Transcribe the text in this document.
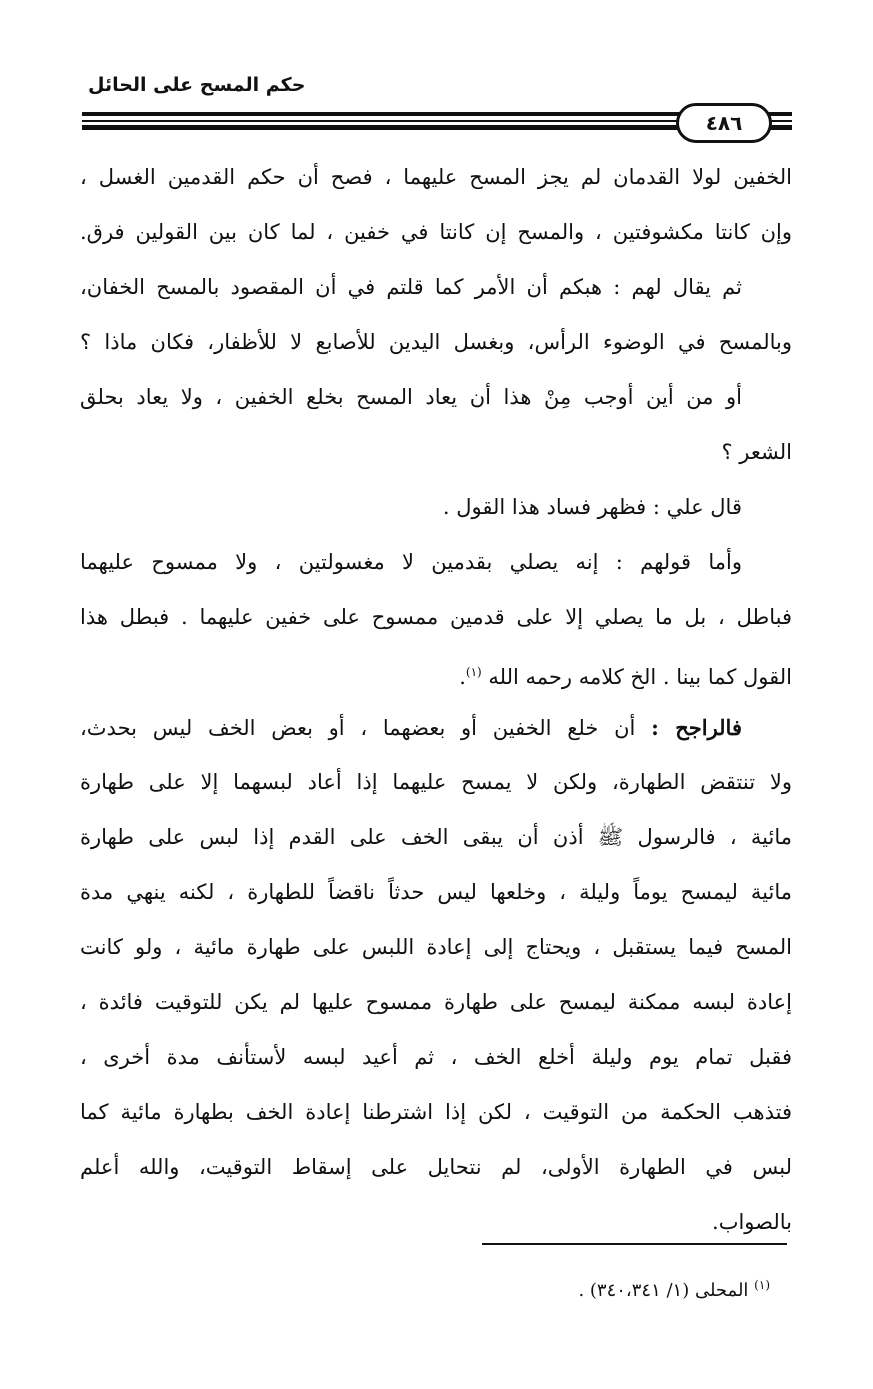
حكم المسح على الحائل
٤٨٦
الخفين لولا القدمان لم يجز المسح عليهما ، فصح أن حكم القدمين الغسل ،
وإن كانتا مكشوفتين ، والمسح إن كانتا في خفين ، لما كان بين القولين فرق.
ثم يقال لهم : هبكم أن الأمر كما قلتم في أن المقصود بالمسح الخفان،
وبالمسح في الوضوء الرأس، وبغسل اليدين للأصابع لا للأظفار، فكان ماذا ؟
أو من أين أوجب مِنْ هذا أن يعاد المسح بخلع الخفين ، ولا يعاد بحلق
الشعر ؟
قال علي : فظهر فساد هذا القول .
وأما قولهم : إنه يصلي بقدمين لا مغسولتين ، ولا ممسوح عليهما
فباطل ، بل ما يصلي إلا على قدمين ممسوح على خفين عليهما . فبطل هذا
القول كما بينا . الخ كلامه رحمه الله $^{(١)}$.
فالراجح : أن خلع الخفين أو بعضهما ، أو بعض الخف ليس بحدث،
ولا تنتقض الطهارة، ولكن لا يمسح عليهما إذا أعاد لبسهما إلا على طهارة
مائية ، فالرسول ﷺ أذن أن يبقى الخف على القدم إذا لبس على طهارة
مائية ليمسح يوماً وليلة ، وخلعها ليس حدثاً ناقضاً للطهارة ، لكنه ينهي مدة
المسح فيما يستقبل ، ويحتاج إلى إعادة اللبس على طهارة مائية ، ولو كانت
إعادة لبسه ممكنة ليمسح على طهارة ممسوح عليها لم يكن للتوقيت فائدة ،
فقبل تمام يوم وليلة أخلع الخف ، ثم أعيد لبسه لأستأنف مدة أخرى ،
فتذهب الحكمة من التوقيت ، لكن إذا اشترطنا إعادة الخف بطهارة مائية كما
لبس في الطهارة الأولى، لم نتحايل على إسقاط التوقيت، والله أعلم
بالصواب.
$^{(١)}$ المحلى (١/ ٣٤٠،٣٤١) .
